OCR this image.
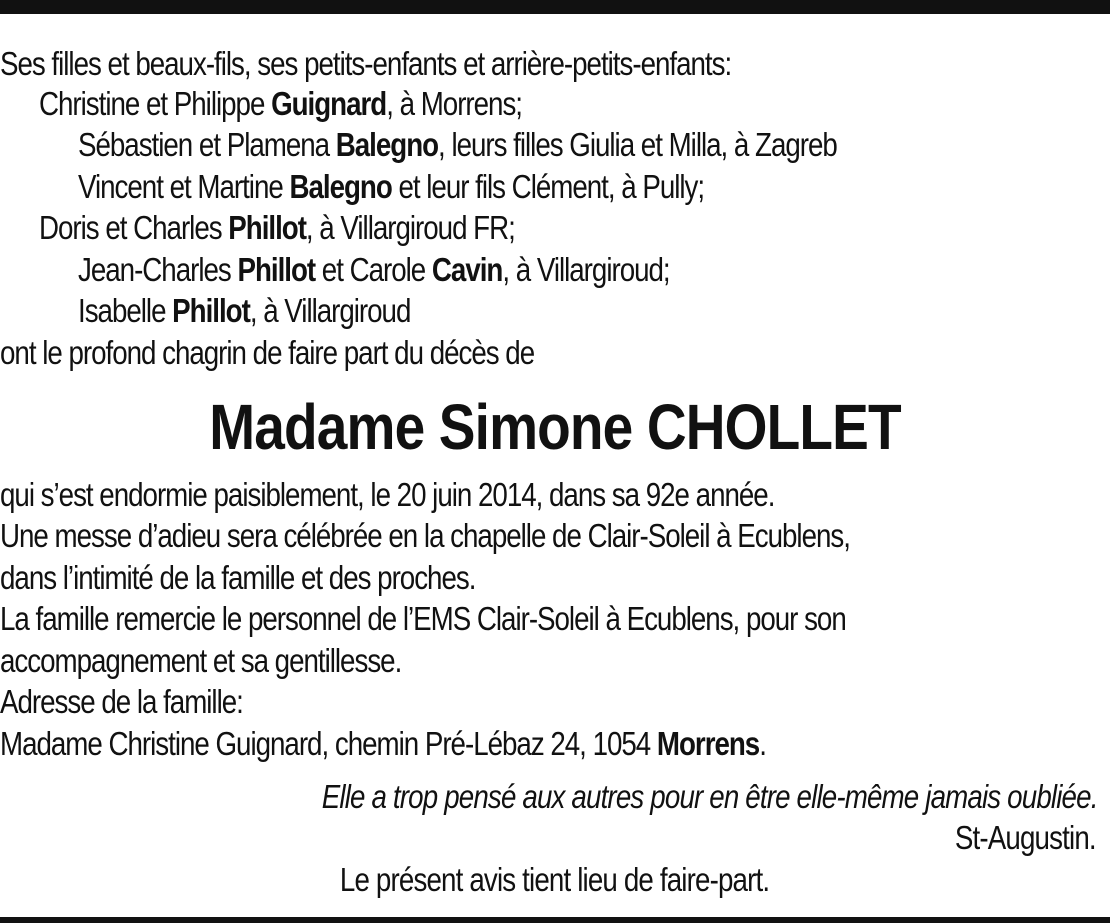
Ses filles et beaux-fils, ses petits-enfants et arrière-petits-enfants:
Christine et Philippe Guignard, à Morrens;
Sébastien et Plamena Balegno, leurs filles Giulia et Milla, à Zagreb
Vincent et Martine Balegno et leur fils Clément, à Pully;
Doris et Charles Phillot, à Villargiroud FR;
Jean-Charles Phillot et Carole Cavin, à Villargiroud;
Isabelle Phillot, à Villargiroud
ont le profond chagrin de faire part du décès de
Madame Simone CHOLLET
qui s’est endormie paisiblement, le 20 juin 2014, dans sa 92e année.
Une messe d’adieu sera célébrée en la chapelle de Clair-Soleil à Ecublens,
dans l’intimité de la famille et des proches.
La famille remercie le personnel de l’EMS Clair-Soleil à Ecublens, pour son
accompagnement et sa gentillesse.
Adresse de la famille:
Madame Christine Guignard, chemin Pré-Lébaz 24, 1054 Morrens.
Elle a trop pensé aux autres pour en être elle-même jamais oubliée.
St-Augustin.
Le présent avis tient lieu de faire-part.
